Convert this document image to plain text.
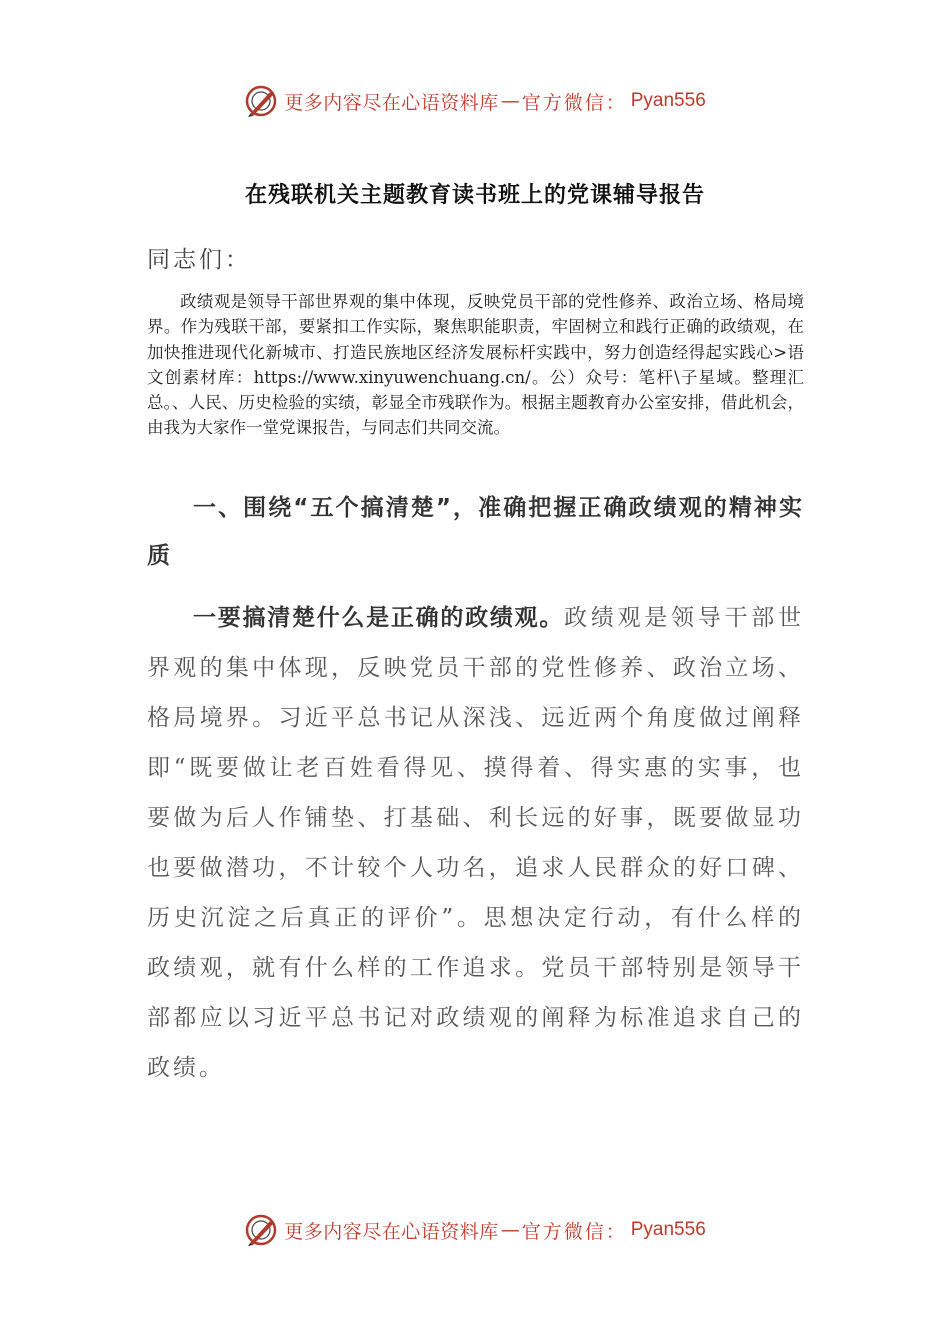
更多内容尽在心语资料库 — 官方微信： Pyan556
在残联机关主题教育读书班上的党课辅导报告
同志们：
政绩观是领导干部世界观的集中体现，反映党员干部的党性修养、政治立场、格局境界。作为残联干部，要紧扣工作实际，聚焦职能职责，牢固树立和践行正确的政绩观，在加快推进现代化新城市、打造民族地区经济发展标杆实践中，努力创造经得起实践心>语文创素材库：https://www.xinyuwenchuang.cn/。公）众号：笔杆\子星域。整理汇总。、人民、历史检验的实绩，彰显全市残联作为。根据主题教育办公室安排，借此机会，由我为大家作一堂党课报告，与同志们共同交流。
一、围绕“五个搞清楚”，准确把握正确政绩观的精神实质
一要搞清楚什么是正确的政绩观。政绩观是领导干部世界观的集中体现，反映党员干部的党性修养、政治立场、格局境界。习近平总书记从深浅、远近两个角度做过阐释即“既要做让老百姓看得见、摸得着、得实惠的实事，也要做为后人作铺垫、打基础、利长远的好事，既要做显功也要做潜功，不计较个人功名，追求人民群众的好口碑、历史沉淀之后真正的评价”。思想决定行动，有什么样的政绩观，就有什么样的工作追求。党员干部特别是领导干部都应以习近平总书记对政绩观的阐释为标准追求自己的政绩。
更多内容尽在心语资料库 — 官方微信： Pyan556
